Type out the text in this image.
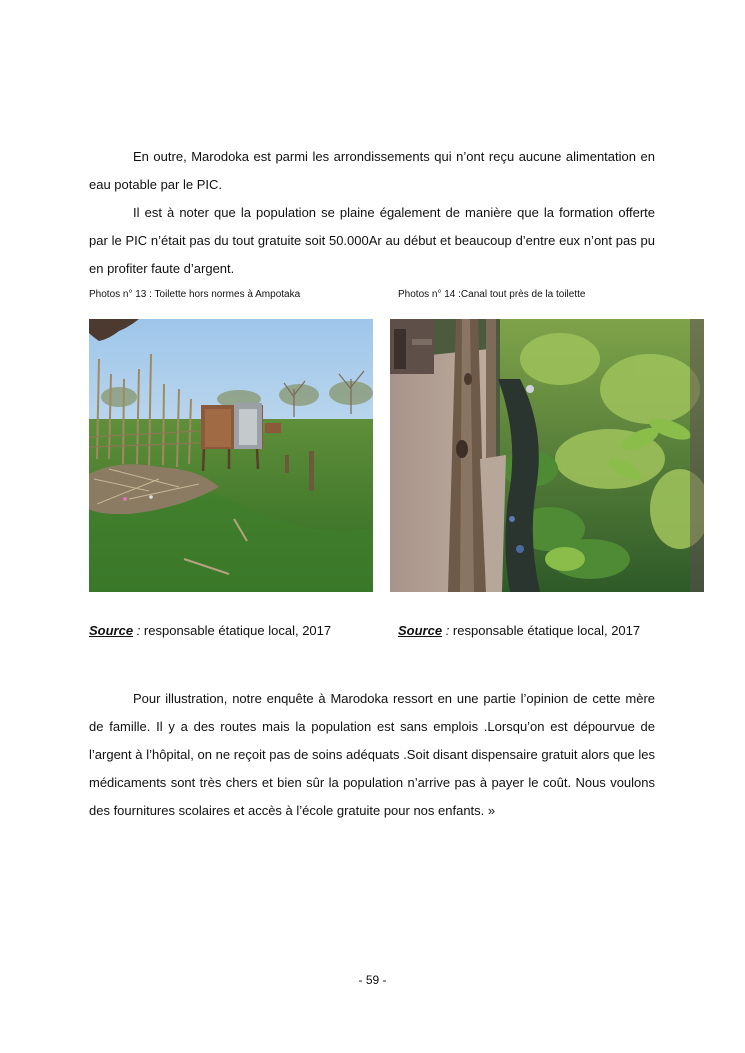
En outre, Marodoka est parmi les arrondissements qui n’ont reçu aucune alimentation en eau potable par le PIC.

Il est à noter que la population se plaine également de manière que la formation offerte par le PIC n’était pas du tout gratuite soit 50.000Ar au début et beaucoup d’entre eux n’ont pas pu en profiter faute d’argent.

Photos n° 13 : Toilette hors normes à Ampotaka	Photos n° 14 :Canal tout près de la toilette
Source : responsable étatique local, 2017	Source : responsable étatique local, 2017

Pour illustration, notre enquête à Marodoka ressort en une partie l’opinion de cette mère de famille. Il y a des routes mais la population est sans emplois .Lorsqu’on est dépourvue de l’argent à l’hôpital, on ne reçoit pas de soins adéquats .Soit disant dispensaire gratuit alors que les médicaments sont très chers et bien sûr la population n’arrive pas à payer le coût. Nous voulons des fournitures scolaires et accès à l’école gratuite pour nos enfants. »

- 59 -
